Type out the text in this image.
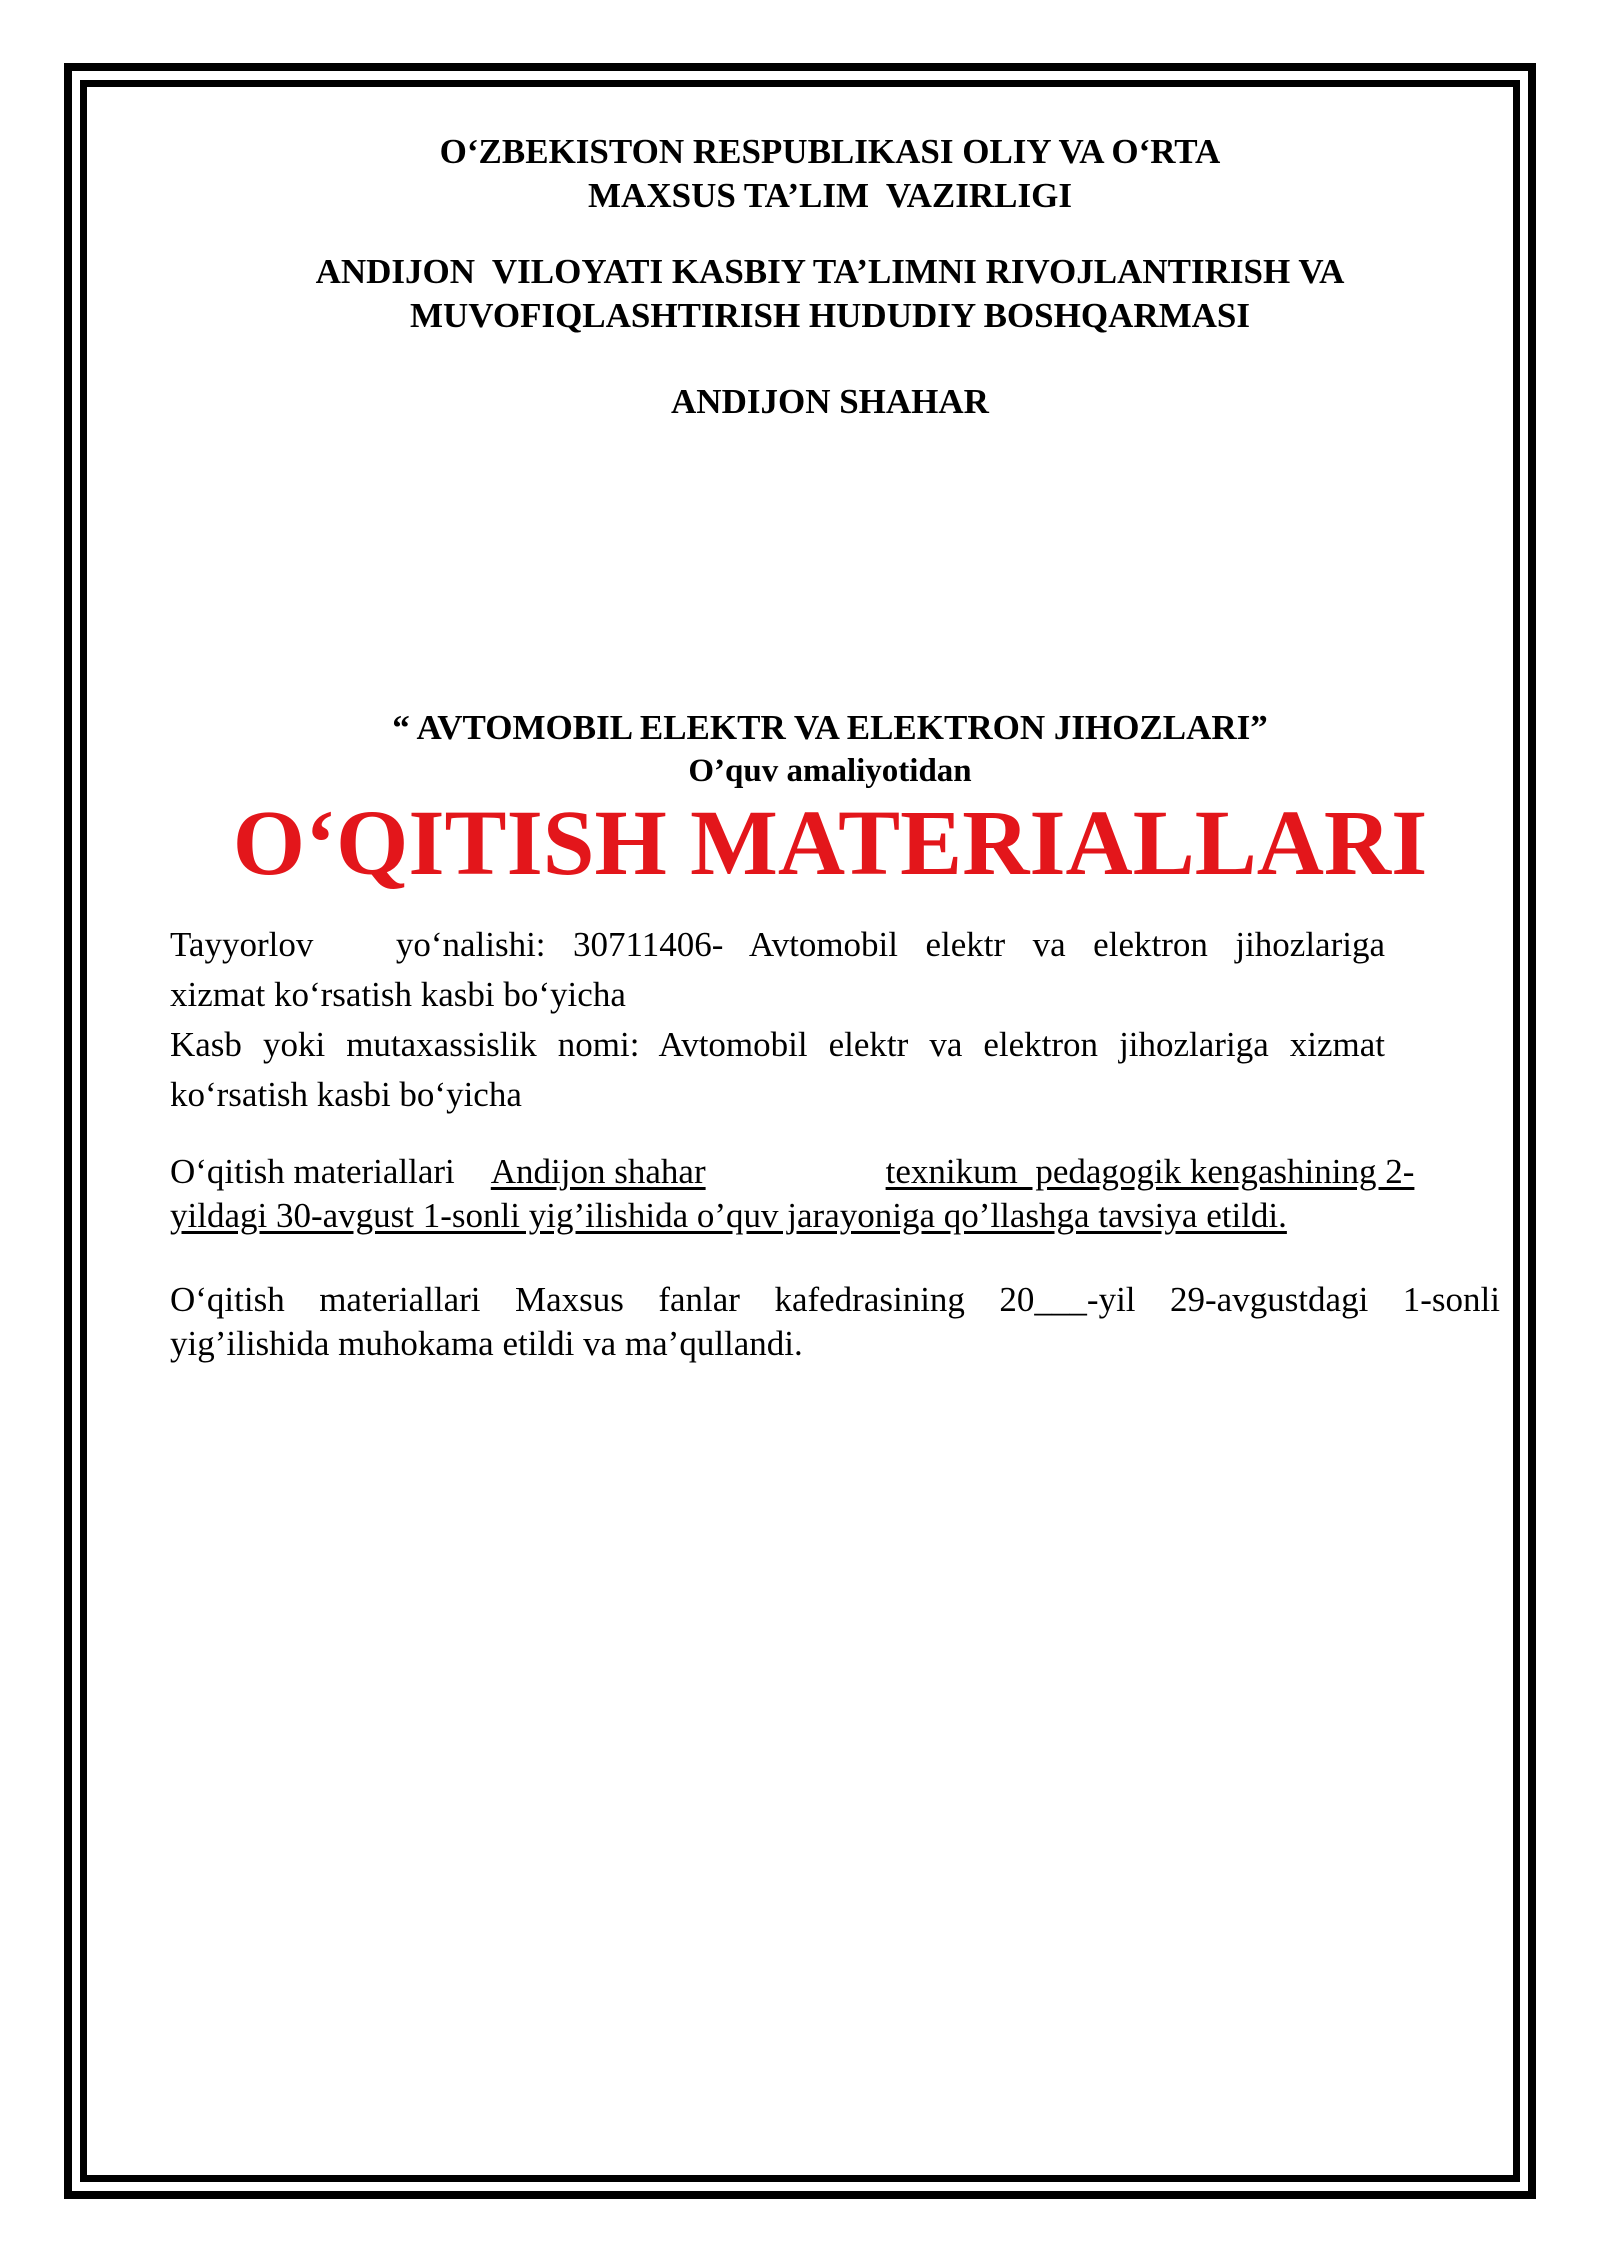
O‘ZBEKISTON RESPUBLIKASI OLIY VA O‘RTA
MAXSUS TA’LIM  VAZIRLIGI
ANDIJON  VILOYATI KASBIY TA’LIMNI RIVOJLANTIRISH VA
MUVOFIQLASHTIRISH HUDUDIY BOSHQARMASI
ANDIJON SHAHAR
“ AVTOMOBIL ELEKTR VA ELEKTRON JIHOZLARI”
O’quv amaliyotidan
O‘QITISH MATERIALLARI
Tayyorlov   yo‘nalishi: 30711406- Avtomobil elektr va elektron jihozlariga
xizmat ko‘rsatish kasbi bo‘yicha
Kasb yoki mutaxassislik nomi: Avtomobil elektr va elektron jihozlariga xizmat
ko‘rsatish kasbi bo‘yicha
O‘qitish materiallari Andijon shahar	texnikum  pedagogik kengashining 2-
yildagi 30-avgust 1-sonli yig’ilishida o’quv jarayoniga qo’llashga tavsiya etildi.
O‘qitish materiallari Maxsus fanlar kafedrasining 20___-yil 29-avgustdagi 1-sonli
yig’ilishida muhokama etildi va ma’qullandi.
